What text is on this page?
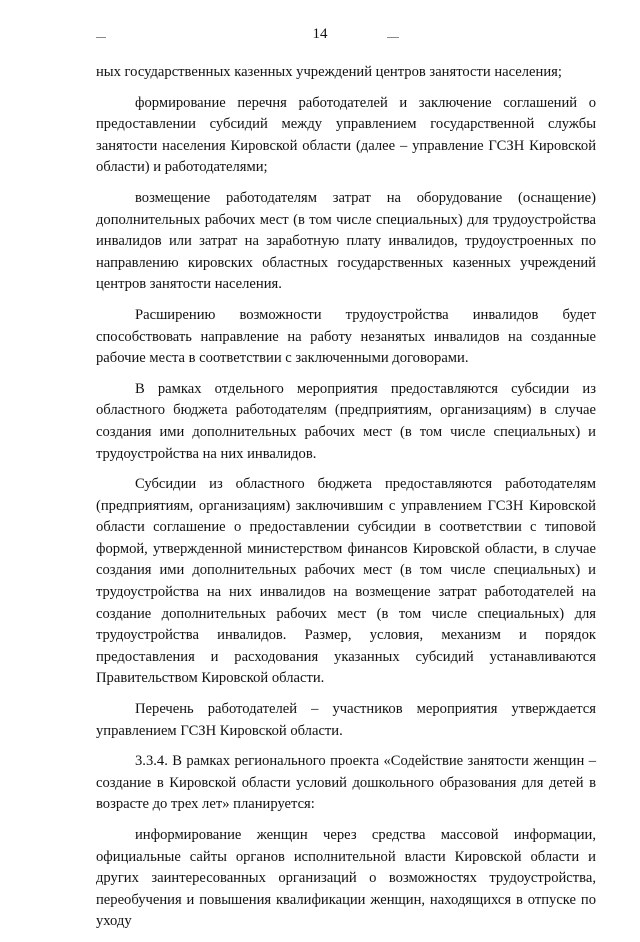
14

ных государственных казенных учреждений центров занятости населения;

формирование перечня работодателей и заключение соглашений о предоставлении субсидий между управлением государственной службы занятости населения Кировской области (далее – управление ГСЗН Кировской области) и работодателями;

возмещение работодателям затрат на оборудование (оснащение) дополнительных рабочих мест (в том числе специальных) для трудоустройства инвалидов или затрат на заработную плату инвалидов, трудоустроенных по направлению кировских областных государственных казенных учреждений центров занятости населения.

Расширению возможности трудоустройства инвалидов будет способствовать направление на работу незанятых инвалидов на созданные рабочие места в соответствии с заключенными договорами.

В рамках отдельного мероприятия предоставляются субсидии из областного бюджета работодателям (предприятиям, организациям) в случае создания ими дополнительных рабочих мест (в том числе специальных) и трудоустройства на них инвалидов.

Субсидии из областного бюджета предоставляются работодателям (предприятиям, организациям) заключившим с управлением ГСЗН Кировской области соглашение о предоставлении субсидии в соответствии с типовой формой, утвержденной министерством финансов Кировской области, в случае создания ими дополнительных рабочих мест (в том числе специальных) и трудоустройства на них инвалидов на возмещение затрат работодателей на создание дополнительных рабочих мест (в том числе специальных) для трудоустройства инвалидов. Размер, условия, механизм и порядок предоставления и расходования указанных субсидий устанавливаются Правительством Кировской области.

Перечень работодателей – участников мероприятия утверждается управлением ГСЗН Кировской области.

3.3.4. В рамках регионального проекта «Содействие занятости женщин – создание в Кировской области условий дошкольного образования для детей в возрасте до трех лет» планируется:

информирование женщин через средства массовой информации, официальные сайты органов исполнительной власти Кировской области и других заинтересованных организаций о возможностях трудоустройства, переобучения и повышения квалификации женщин, находящихся в отпуске по уходу
